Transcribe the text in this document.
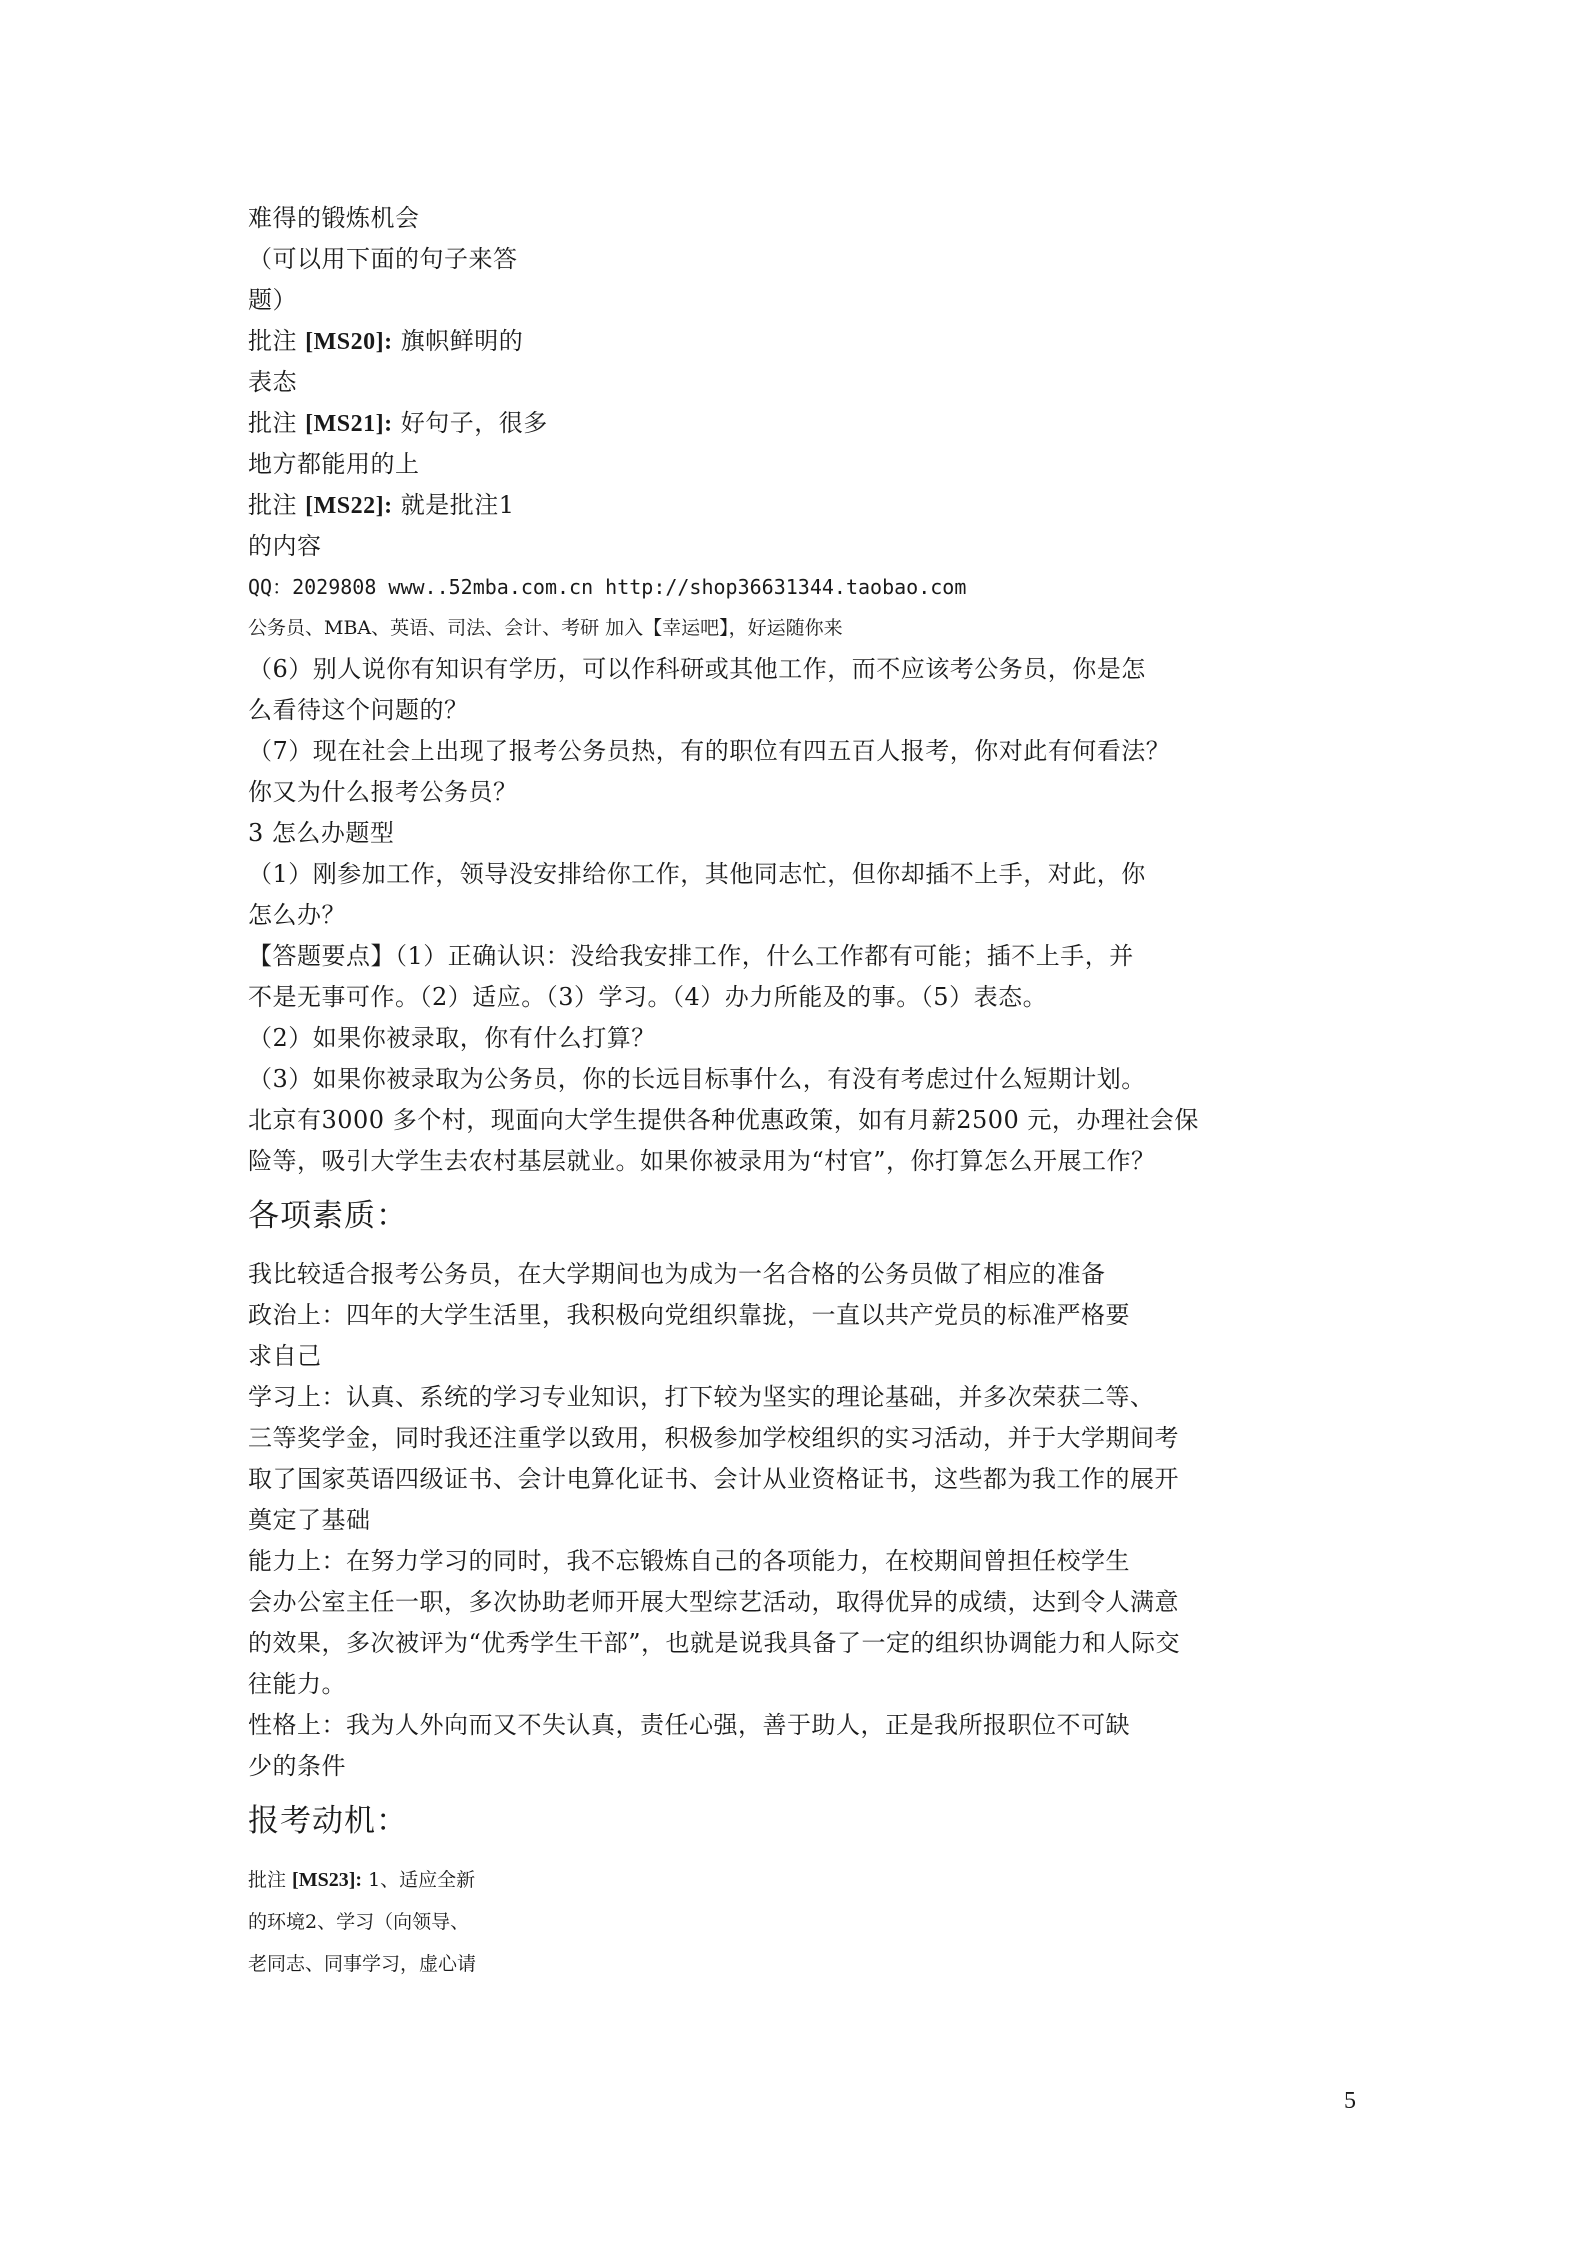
难得的锻炼机会
（可以用下面的句子来答
题）
批注 [MS20]: 旗帜鲜明的
表态
批注 [MS21]: 好句子，很多
地方都能用的上
批注 [MS22]: 就是批注1
的内容
QQ：2029808 www..52mba.com.cn http://shop36631344.taobao.com
公务员、MBA、英语、司法、会计、考研 加入【幸运吧】，好运随你来
（6）别人说你有知识有学历，可以作科研或其他工作，而不应该考公务员，你是怎
么看待这个问题的？
（7）现在社会上出现了报考公务员热，有的职位有四五百人报考，你对此有何看法？
你又为什么报考公务员？
3 怎么办题型
（1）刚参加工作，领导没安排给你工作，其他同志忙，但你却插不上手，对此，你
怎么办？
【答题要点】（1）正确认识：没给我安排工作，什么工作都有可能；插不上手，并
不是无事可作。（2）适应。（3）学习。（4）办力所能及的事。（5）表态。
（2）如果你被录取，你有什么打算？
（3）如果你被录取为公务员，你的长远目标事什么，有没有考虑过什么短期计划。
北京有3000 多个村，现面向大学生提供各种优惠政策，如有月薪2500 元，办理社会保
险等，吸引大学生去农村基层就业。如果你被录用为“村官”，你打算怎么开展工作？
各项素质：
我比较适合报考公务员，在大学期间也为成为一名合格的公务员做了相应的准备
政治上：四年的大学生活里，我积极向党组织靠拢，一直以共产党员的标准严格要
求自己
学习上：认真、系统的学习专业知识，打下较为坚实的理论基础，并多次荣获二等、
三等奖学金，同时我还注重学以致用，积极参加学校组织的实习活动，并于大学期间考
取了国家英语四级证书、会计电算化证书、会计从业资格证书，这些都为我工作的展开
奠定了基础
能力上：在努力学习的同时，我不忘锻炼自己的各项能力，在校期间曾担任校学生
会办公室主任一职，多次协助老师开展大型综艺活动，取得优异的成绩，达到令人满意
的效果，多次被评为“优秀学生干部”，也就是说我具备了一定的组织协调能力和人际交
往能力。
性格上：我为人外向而又不失认真，责任心强，善于助人，正是我所报职位不可缺
少的条件
报考动机：
批注 [MS23]: 1、适应全新
的环境2、学习（向领导、
老同志、同事学习，虚心请
5
